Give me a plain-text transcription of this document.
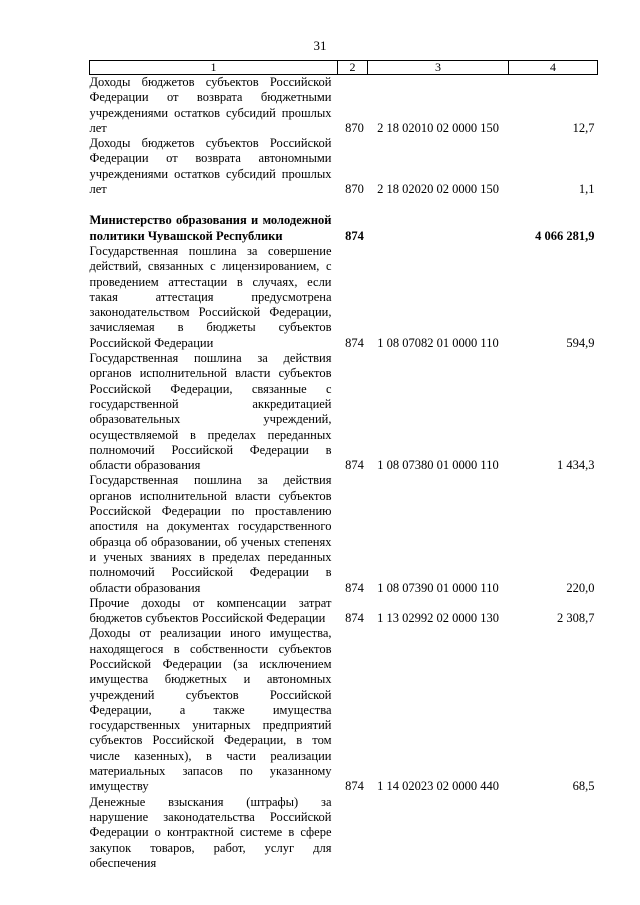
31
1	2	3	4
Доходы бюджетов субъектов Российской Федерации от возврата бюджетными учреждениями остатков субсидий прошлых лет	870	2 18 02010 02 0000 150	12,7
Доходы бюджетов субъектов Российской Федерации от возврата автономными учреждениями остатков субсидий прошлых лет	870	2 18 02020 02 0000 150	1,1

Министерство образования и молодежной политики Чувашской Республики	874		4 066 281,9
Государственная пошлина за совершение действий, связанных с лицензированием, с проведением аттестации в случаях, если такая аттестация предусмотрена законодательством Российской Федерации, зачисляемая в бюджеты субъектов Российской Федерации	874	1 08 07082 01 0000 110	594,9
Государственная пошлина за действия органов исполнительной власти субъектов Российской Федерации, связанные с государственной аккредитацией образовательных учреждений, осуществляемой в пределах переданных полномочий Российской Федерации в области образования	874	1 08 07380 01 0000 110	1 434,3
Государственная пошлина за действия органов исполнительной власти субъектов Российской Федерации по проставлению апостиля на документах государственного образца об образовании, об ученых степенях и ученых званиях в пределах переданных полномочий Российской Федерации в области образования	874	1 08 07390 01 0000 110	220,0
Прочие доходы от компенсации затрат бюджетов субъектов Российской Федерации	874	1 13 02992 02 0000 130	2 308,7
Доходы от реализации иного имущества, находящегося в собственности субъектов Российской Федерации (за исключением имущества бюджетных и автономных учреждений субъектов Российской Федерации, а также имущества государственных унитарных предприятий субъектов Российской Федерации, в том числе казенных), в части реализации материальных запасов по указанному имуществу	874	1 14 02023 02 0000 440	68,5
Денежные взыскания (штрафы) за нарушение законодательства Российской Федерации о контрактной системе в сфере закупок товаров, работ, услуг для обеспечения			
